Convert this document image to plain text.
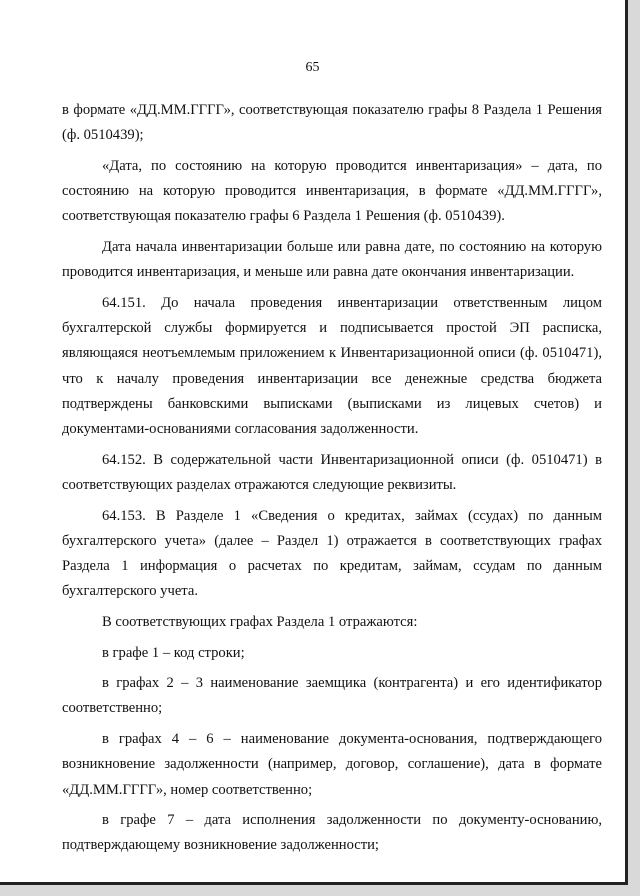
65

в формате «ДД.ММ.ГГГГ», соответствующая показателю графы 8 Раздела 1 Решения (ф. 0510439);

«Дата, по состоянию на которую проводится инвентаризация» – дата, по состоянию на которую проводится инвентаризация, в формате «ДД.ММ.ГГГГ», соответствующая показателю графы 6 Раздела 1 Решения (ф. 0510439).

Дата начала инвентаризации больше или равна дате, по состоянию на которую проводится инвентаризация, и меньше или равна дате окончания инвентаризации.

64.151. До начала проведения инвентаризации ответственным лицом бухгалтерской службы формируется и подписывается простой ЭП расписка, являющаяся неотъемлемым приложением к Инвентаризационной описи (ф. 0510471), что к началу проведения инвентаризации все денежные средства бюджета подтверждены банковскими выписками (выписками из лицевых счетов) и документами-основаниями согласования задолженности.

64.152. В содержательной части Инвентаризационной описи (ф. 0510471) в соответствующих разделах отражаются следующие реквизиты.

64.153. В Разделе 1 «Сведения о кредитах, займах (ссудах) по данным бухгалтерского учета» (далее – Раздел 1) отражается в соответствующих графах Раздела 1 информация о расчетах по кредитам, займам, ссудам по данным бухгалтерского учета.

В соответствующих графах Раздела 1 отражаются:

в графе 1 – код строки;

в графах 2 – 3 наименование заемщика (контрагента) и его идентификатор соответственно;

в графах 4 – 6 – наименование документа-основания, подтверждающего возникновение задолженности (например, договор, соглашение), дата в формате «ДД.ММ.ГГГГ», номер соответственно;

в графе 7 – дата исполнения задолженности по документу-основанию, подтверждающему возникновение задолженности;
